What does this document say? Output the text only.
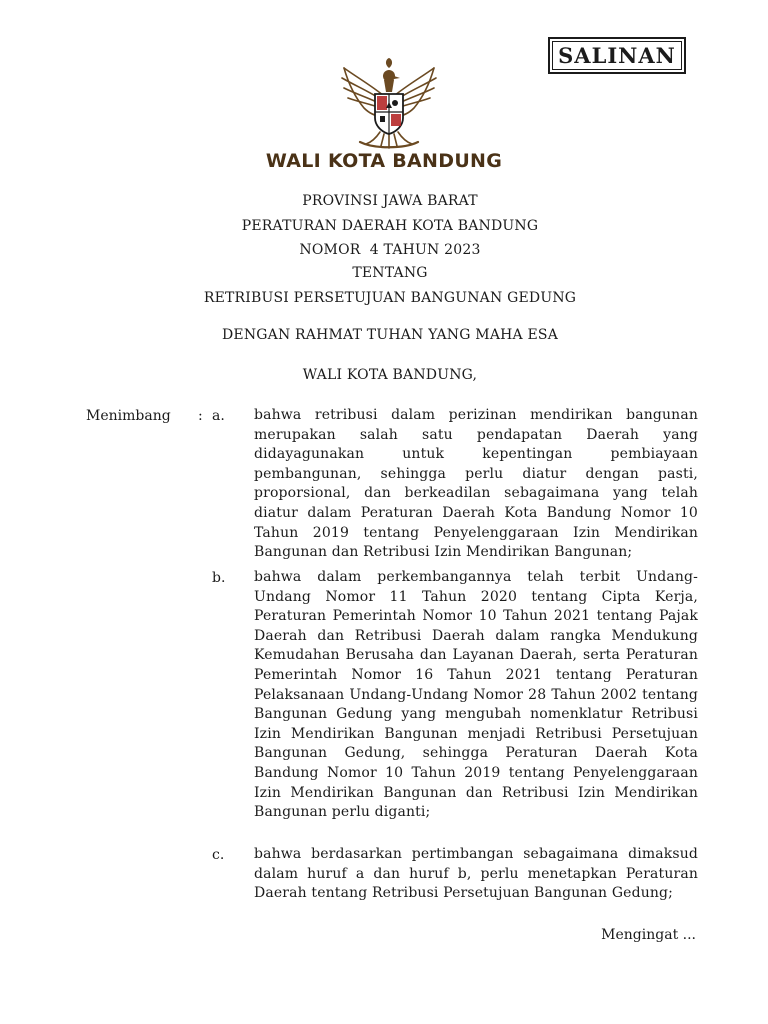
SALINAN
WALI KOTA BANDUNG
PROVINSI JAWA BARAT
PERATURAN DAERAH KOTA BANDUNG
NOMOR  4 TAHUN 2023
TENTANG
RETRIBUSI PERSETUJUAN BANGUNAN GEDUNG
DENGAN RAHMAT TUHAN YANG MAHA ESA
WALI KOTA BANDUNG,
Menimbang : a. bahwa retribusi dalam perizinan mendirikan bangunan merupakan salah satu pendapatan Daerah yang didayagunakan untuk kepentingan pembiayaan pembangunan, sehingga perlu diatur dengan pasti, proporsional, dan berkeadilan sebagaimana yang telah diatur dalam Peraturan Daerah Kota Bandung Nomor 10 Tahun 2019 tentang Penyelenggaraan Izin Mendirikan Bangunan dan Retribusi Izin Mendirikan Bangunan;
b. bahwa dalam perkembangannya telah terbit Undang-Undang Nomor 11 Tahun 2020 tentang Cipta Kerja, Peraturan Pemerintah Nomor 10 Tahun 2021 tentang Pajak Daerah dan Retribusi Daerah dalam rangka Mendukung Kemudahan Berusaha dan Layanan Daerah, serta Peraturan Pemerintah Nomor 16 Tahun 2021 tentang Peraturan Pelaksanaan Undang-Undang Nomor 28 Tahun 2002 tentang Bangunan Gedung yang mengubah nomenklatur Retribusi Izin Mendirikan Bangunan menjadi Retribusi Persetujuan Bangunan Gedung, sehingga Peraturan Daerah Kota Bandung Nomor 10 Tahun 2019 tentang Penyelenggaraan Izin Mendirikan Bangunan dan Retribusi Izin Mendirikan Bangunan perlu diganti;
c. bahwa berdasarkan pertimbangan sebagaimana dimaksud dalam huruf a dan huruf b, perlu menetapkan Peraturan Daerah tentang Retribusi Persetujuan Bangunan Gedung;
Mengingat ...
